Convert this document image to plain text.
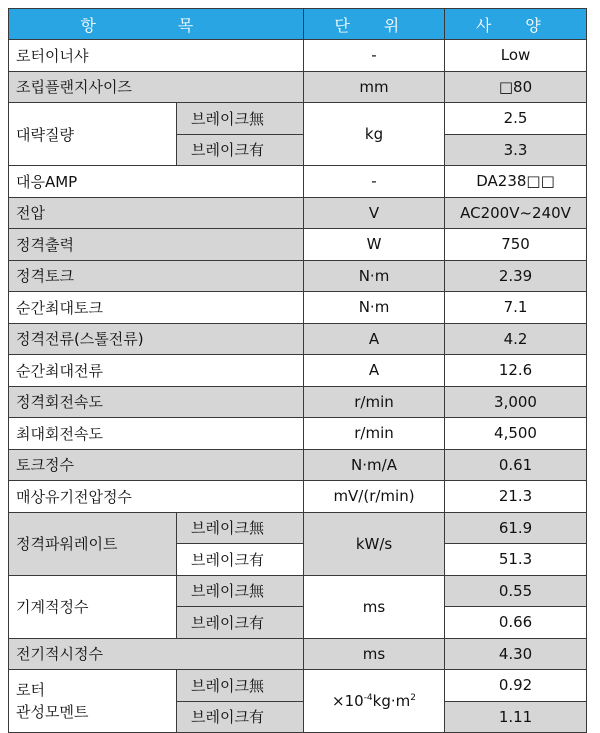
항 목		단 위	사 양
로터이너샤		-	Low
조립플랜지사이즈		mm	□80
대략질량	브레이크無	kg	2.5
	브레이크有		3.3
대응AMP		-	DA238□□
전압		V	AC200V~240V
정격출력		W	750
정격토크		N·m	2.39
순간최대토크		N·m	7.1
정격전류(스톨전류)		A	4.2
순간최대전류		A	12.6
정격회전속도		r/min	3,000
최대회전속도		r/min	4,500
토크정수		N·m/A	0.61
매상유기전압정수		mV/(r/min)	21.3
정격파워레이트	브레이크無	kW/s	61.9
	브레이크有		51.3
기계적정수	브레이크無	ms	0.55
	브레이크有		0.66
전기적시정수		ms	4.30
로터
관성모멘트	브레이크無	$\times 10^{-4}kg\cdot m^2$	0.92
	브레이크有		1.11
